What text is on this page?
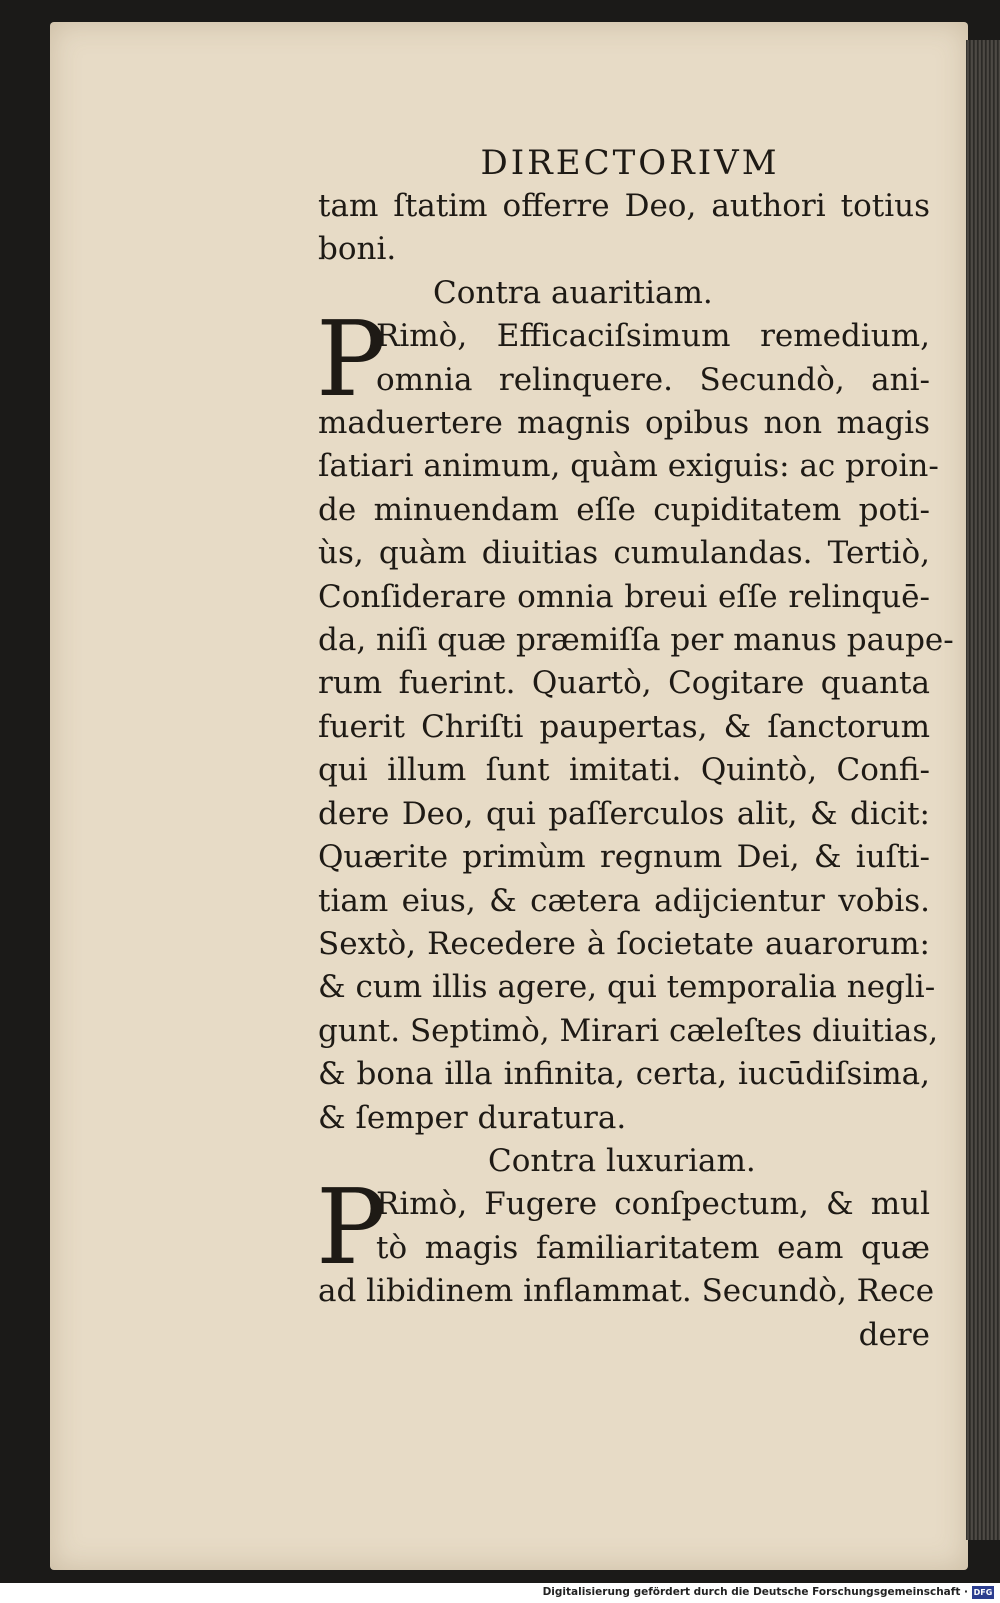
DIRECTORIVM
tam ſtatim offerre Deo, authori totius
boni.
Contra auaritiam.
P
Rimò, Efficaciſsimum remedium,
omnia relinquere. Secundò, ani-
maduertere magnis opibus non magis
ſatiari animum, quàm exiguis: ac proin-
de minuendam eſſe cupiditatem poti-
ùs, quàm diuitias cumulandas. Tertiò,
Conſiderare omnia breui eſſe relinquē-
da, niſi quæ præmiſſa per manus paupe-
rum fuerint. Quartò, Cogitare quanta
fuerit Chriſti paupertas, & ſanctorum
qui illum ſunt imitati. Quintò, Confi-
dere Deo, qui paſſerculos alit, & dicit:
Quærite primùm regnum Dei, & iuſti-
tiam eius, & cætera adijcientur vobis.
Sextò, Recedere à ſocietate auarorum:
& cum illis agere, qui temporalia negli-
gunt. Septimò, Mirari cæleſtes diuitias,
& bona illa infinita, certa, iucūdiſsima,
& ſemper duratura.
Contra luxuriam.
P
Rimò, Fugere conſpectum, & mul
tò magis familiaritatem eam quæ
ad libidinem inflammat. Secundò, Rece
dere
Digitalisierung gefördert durch die Deutsche Forschungsgemeinschaft · DFG
